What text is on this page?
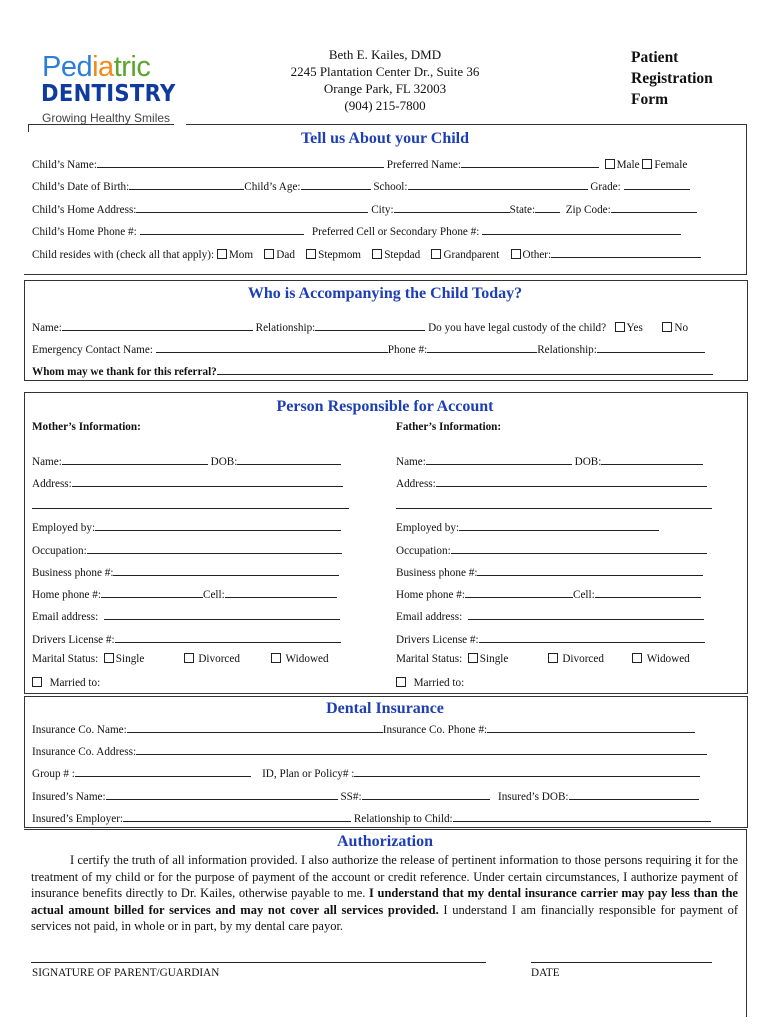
Pediatric
DENTISTRY
Growing Healthy Smiles
Beth E. Kailes, DMD
2245 Plantation Center Dr., Suite 36
Orange Park, FL 32003
(904) 215-7800
Patient
Registration
Form
Tell us About your Child
Child’s Name:	Preferred Name:	Male Female
Child’s Date of Birth:	Child’s Age:	School:	Grade:
Child’s Home Address:	City:	State:	Zip Code:
Child’s Home Phone #:	Preferred Cell or Secondary Phone #:
Child resides with (check all that apply): Mom Dad Stepmom Stepdad Grandparent Other:
Who is Accompanying the Child Today?
Name:	Relationship:	Do you have legal custody of the child? Yes	No
Emergency Contact Name:	Phone #:	Relationship:
Whom may we thank for this referral?
Person Responsible for Account
Mother’s Information:	Father’s Information:
Name:	DOB:
Address:
Employed by:
Occupation:
Business phone #:
Home phone #:	Cell:
Email address:
Drivers License #:
Marital Status: Single	Divorced	Widowed
Married to:
Name:	DOB:
Address:
Employed by:
Occupation:
Business phone #:
Home phone #:	Cell:
Email address:
Drivers License #:
Marital Status: Single	Divorced	Widowed
Married to:
Dental Insurance
Insurance Co. Name:	Insurance Co. Phone #:
Insurance Co. Address:
Group # :	ID, Plan or Policy# :
Insured’s Name:	SS#:	Insured’s DOB:
Insured’s Employer:	Relationship to Child:
Authorization
I certify the truth of all information provided. I also authorize the release of pertinent information to those persons requiring it for the treatment of my child or for the purpose of payment of the account or credit reference. Under certain circumstances, I authorize payment of insurance benefits directly to Dr. Kailes, otherwise payable to me. I understand that my dental insurance carrier may pay less than the actual amount billed for services and may not cover all services provided. I understand I am financially responsible for payment of services not paid, in whole or in part, by my dental care payor.
SIGNATURE OF PARENT/GUARDIAN	DATE
